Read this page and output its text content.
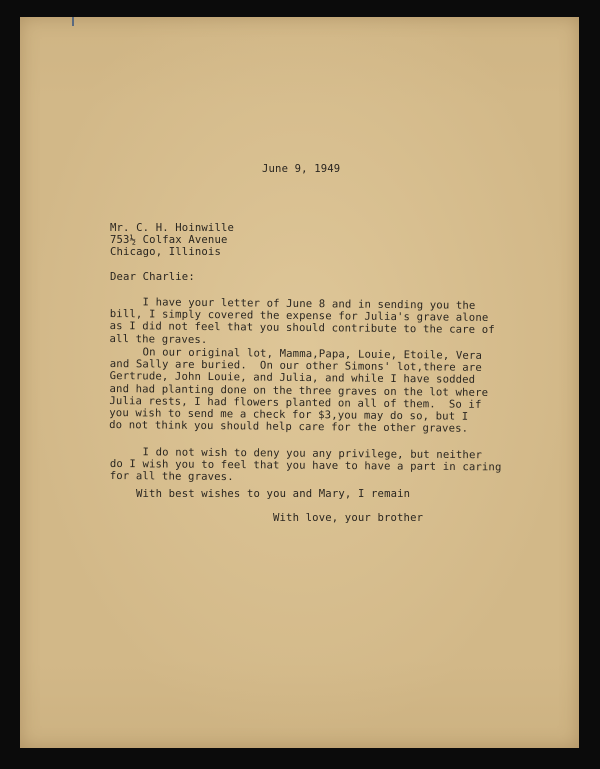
June 9, 1949
Mr. C. H. Hoinwille
753½ Colfax Avenue
Chicago, Illinois
Dear Charlie:
I have your letter of June 8 and in sending you the
bill, I simply covered the expense for Julia's grave alone
as I did not feel that you should contribute to the care of
all the graves.
On our original lot, Mamma,Papa, Louie, Etoile, Vera
and Sally are buried.  On our other Simons' lot,there are
Gertrude, John Louie, and Julia, and while I have sodded
and had planting done on the three graves on the lot where
Julia rests, I had flowers planted on all of them.  So if
you wish to send me a check for $3,you may do so, but I
do not think you should help care for the other graves.
I do not wish to deny you any privilege, but neither
do I wish you to feel that you have to have a part in caring
for all the graves.
With best wishes to you and Mary, I remain
With love, your brother
